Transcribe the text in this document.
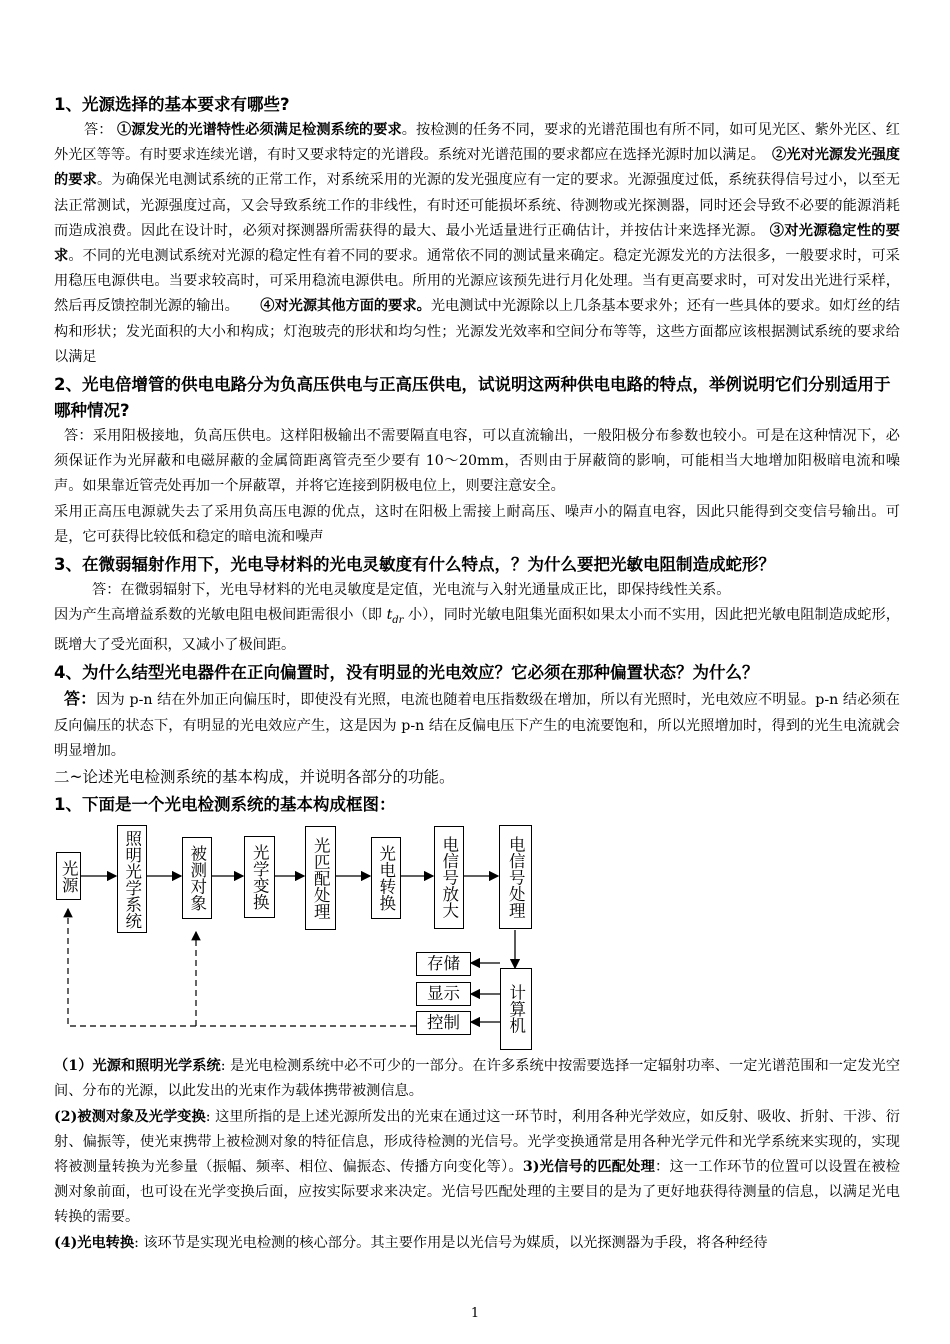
1、光源选择的基本要求有哪些?

答： ①源发光的光谱特性必须满足检测系统的要求。按检测的任务不同，要求的光谱范围也有所不同，如可见光区、紫外光区、红外光区等等。有时要求连续光谱，有时又要求特定的光谱段。系统对光谱范围的要求都应在选择光源时加以满足。　②光对光源发光强度的要求。为确保光电测试系统的正常工作，对系统采用的光源的发光强度应有一定的要求。光源强度过低，系统获得信号过小，以至无法正常测试，光源强度过高，又会导致系统工作的非线性，有时还可能损坏系统、待测物或光探测器，同时还会导致不必要的能源消耗而造成浪费。因此在设计时，必须对探测器所需获得的最大、最小光适量进行正确估计，并按估计来选择光源。 ③对光源稳定性的要求。不同的光电测试系统对光源的稳定性有着不同的要求。通常依不同的测试量来确定。稳定光源发光的方法很多，一般要求时，可采用稳压电源供电。当要求较高时，可采用稳流电源供电。所用的光源应该预先进行月化处理。当有更高要求时，可对发出光进行采样，然后再反馈控制光源的输出。　　④对光源其他方面的要求。光电测试中光源除以上几条基本要求外；还有一些具体的要求。如灯丝的结构和形状；发光面积的大小和构成；灯泡玻壳的形状和均匀性；光源发光效率和空间分布等等，这些方面都应该根据测试系统的要求给以满足

2、光电倍增管的供电电路分为负高压供电与正高压供电，试说明这两种供电电路的特点，举例说明它们分别适用于哪种情况?

答：采用阳极接地，负高压供电。这样阳极输出不需要隔直电容，可以直流输出，一般阳极分布参数也较小。可是在这种情况下，必须保证作为光屏蔽和电磁屏蔽的金属筒距离管壳至少要有 10～20mm，否则由于屏蔽筒的影响，可能相当大地增加阳极暗电流和噪声。如果靠近管壳处再加一个屏蔽罩，并将它连接到阴极电位上，则要注意安全。

采用正高压电源就失去了采用负高压电源的优点，这时在阳极上需接上耐高压、噪声小的隔直电容，因此只能得到交变信号输出。可是，它可获得比较低和稳定的暗电流和噪声

3、在微弱辐射作用下，光电导材料的光电灵敏度有什么特点，？为什么要把光敏电阻制造成蛇形？

答：在微弱辐射下，光电导材料的光电灵敏度是定值，光电流与入射光通量成正比，即保持线性关系。

因为产生高增益系数的光敏电阻电极间距需很小（即 $t_{dr}$ 小），同时光敏电阻集光面积如果太小而不实用，因此把光敏电阻制造成蛇形，既增大了受光面积，又减小了极间距。

4、为什么结型光电器件在正向偏置时，没有明显的光电效应？它必须在那种偏置状态？为什么？

答：因为 p-n 结在外加正向偏压时，即使没有光照，电流也随着电压指数级在增加，所以有光照时，光电效应不明显。p-n 结必须在反向偏压的状态下，有明显的光电效应产生，这是因为 p-n 结在反偏电压下产生的电流要饱和，所以光照增加时，得到的光生电流就会明显增加。

二~论述光电检测系统的基本构成，并说明各部分的功能。

1、下面是一个光电检测系统的基本构成框图：
光源	照明光学系统	被测对象	光学变换	光匹配处理	光电转换	电信号放大	电信号处理
计算机
存储
显示
控制

（1）光源和照明光学系统: 是光电检测系统中必不可少的一部分。在许多系统中按需要选择一定辐射功率、一定光谱范围和一定发光空间、分布的光源，以此发出的光束作为载体携带被测信息。

(2)被测对象及光学变换: 这里所指的是上述光源所发出的光束在通过这一环节时，利用各种光学效应，如反射、吸收、折射、干涉、衍射、偏振等，使光束携带上被检测对象的特征信息，形成待检测的光信号。光学变换通常是用各种光学元件和光学系统来实现的，实现将被测量转换为光参量（振幅、频率、相位、偏振态、传播方向变化等）。3)光信号的匹配处理：这一工作环节的位置可以设置在被检测对象前面，也可设在光学变换后面，应按实际要求来决定。光信号匹配处理的主要目的是为了更好地获得待测量的信息，以满足光电转换的需要。

(4)光电转换: 该环节是实现光电检测的核心部分。其主要作用是以光信号为媒质，以光探测器为手段，将各种经待

1
